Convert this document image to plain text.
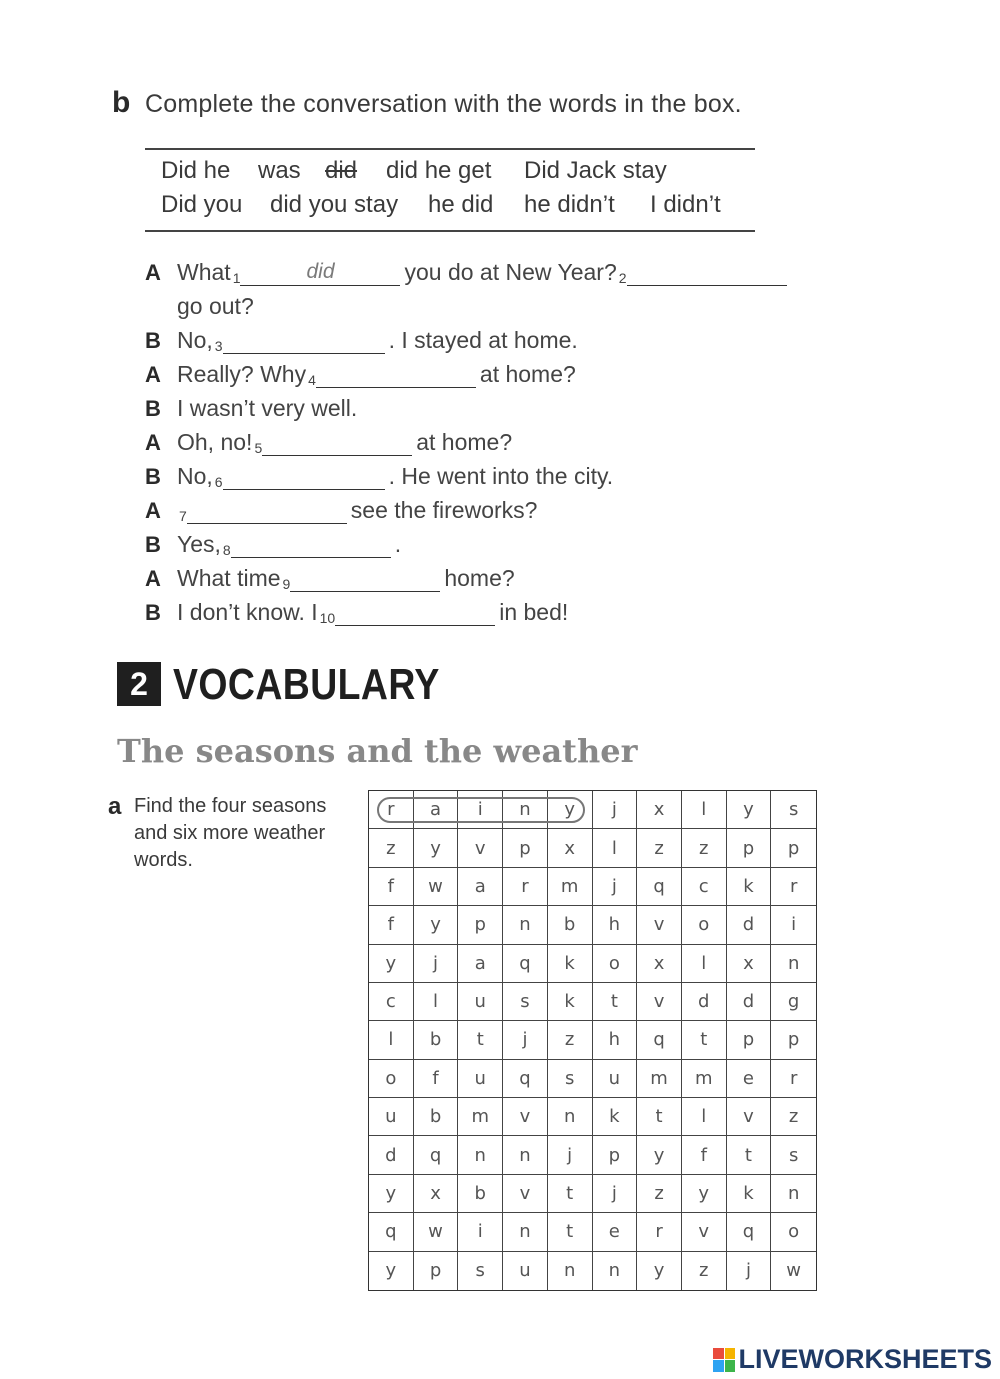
b Complete the conversation with the words in the box.
Did he was did did he get Did Jack stay
Did you did you stay he did he didn’t I didn’t
A What 1
did	you do at New Year? 2
go out?
B No, 3	. I stayed at home.
A Really? Why 4	at home?
B I wasn’t very well.
A Oh, no! 5	at home?
B No, 6	. He went into the city.
A	7	see the fireworks?
B Yes, 8	.
A What time 9	home?
B I don’t know. I 10	in bed!
2 VOCABULARY
The seasons and the weather
a Find the four seasons and six more weather words.
r	a	i	n	y	j	x	l	y	s
z	y	v	p	x	l	z	z	p	p
f	w	a	r	m	j	q	c	k	r
f	y	p	n	b	h	v	o	d	i
y	j	a	q	k	o	x	l	x	n
c	l	u	s	k	t	v	d	d	g
l	b	t	j	z	h	q	t	p	p
o	f	u	q	s	u	m	m	e	r
u	b	m	v	n	k	t	l	v	z
d	q	n	n	j	p	y	f	t	s
y	x	b	v	t	j	z	y	k	n
q	w	i	n	t	e	r	v	q	o
y	p	s	u	n	n	y	z	j	w
LIVEWORKSHEETS
